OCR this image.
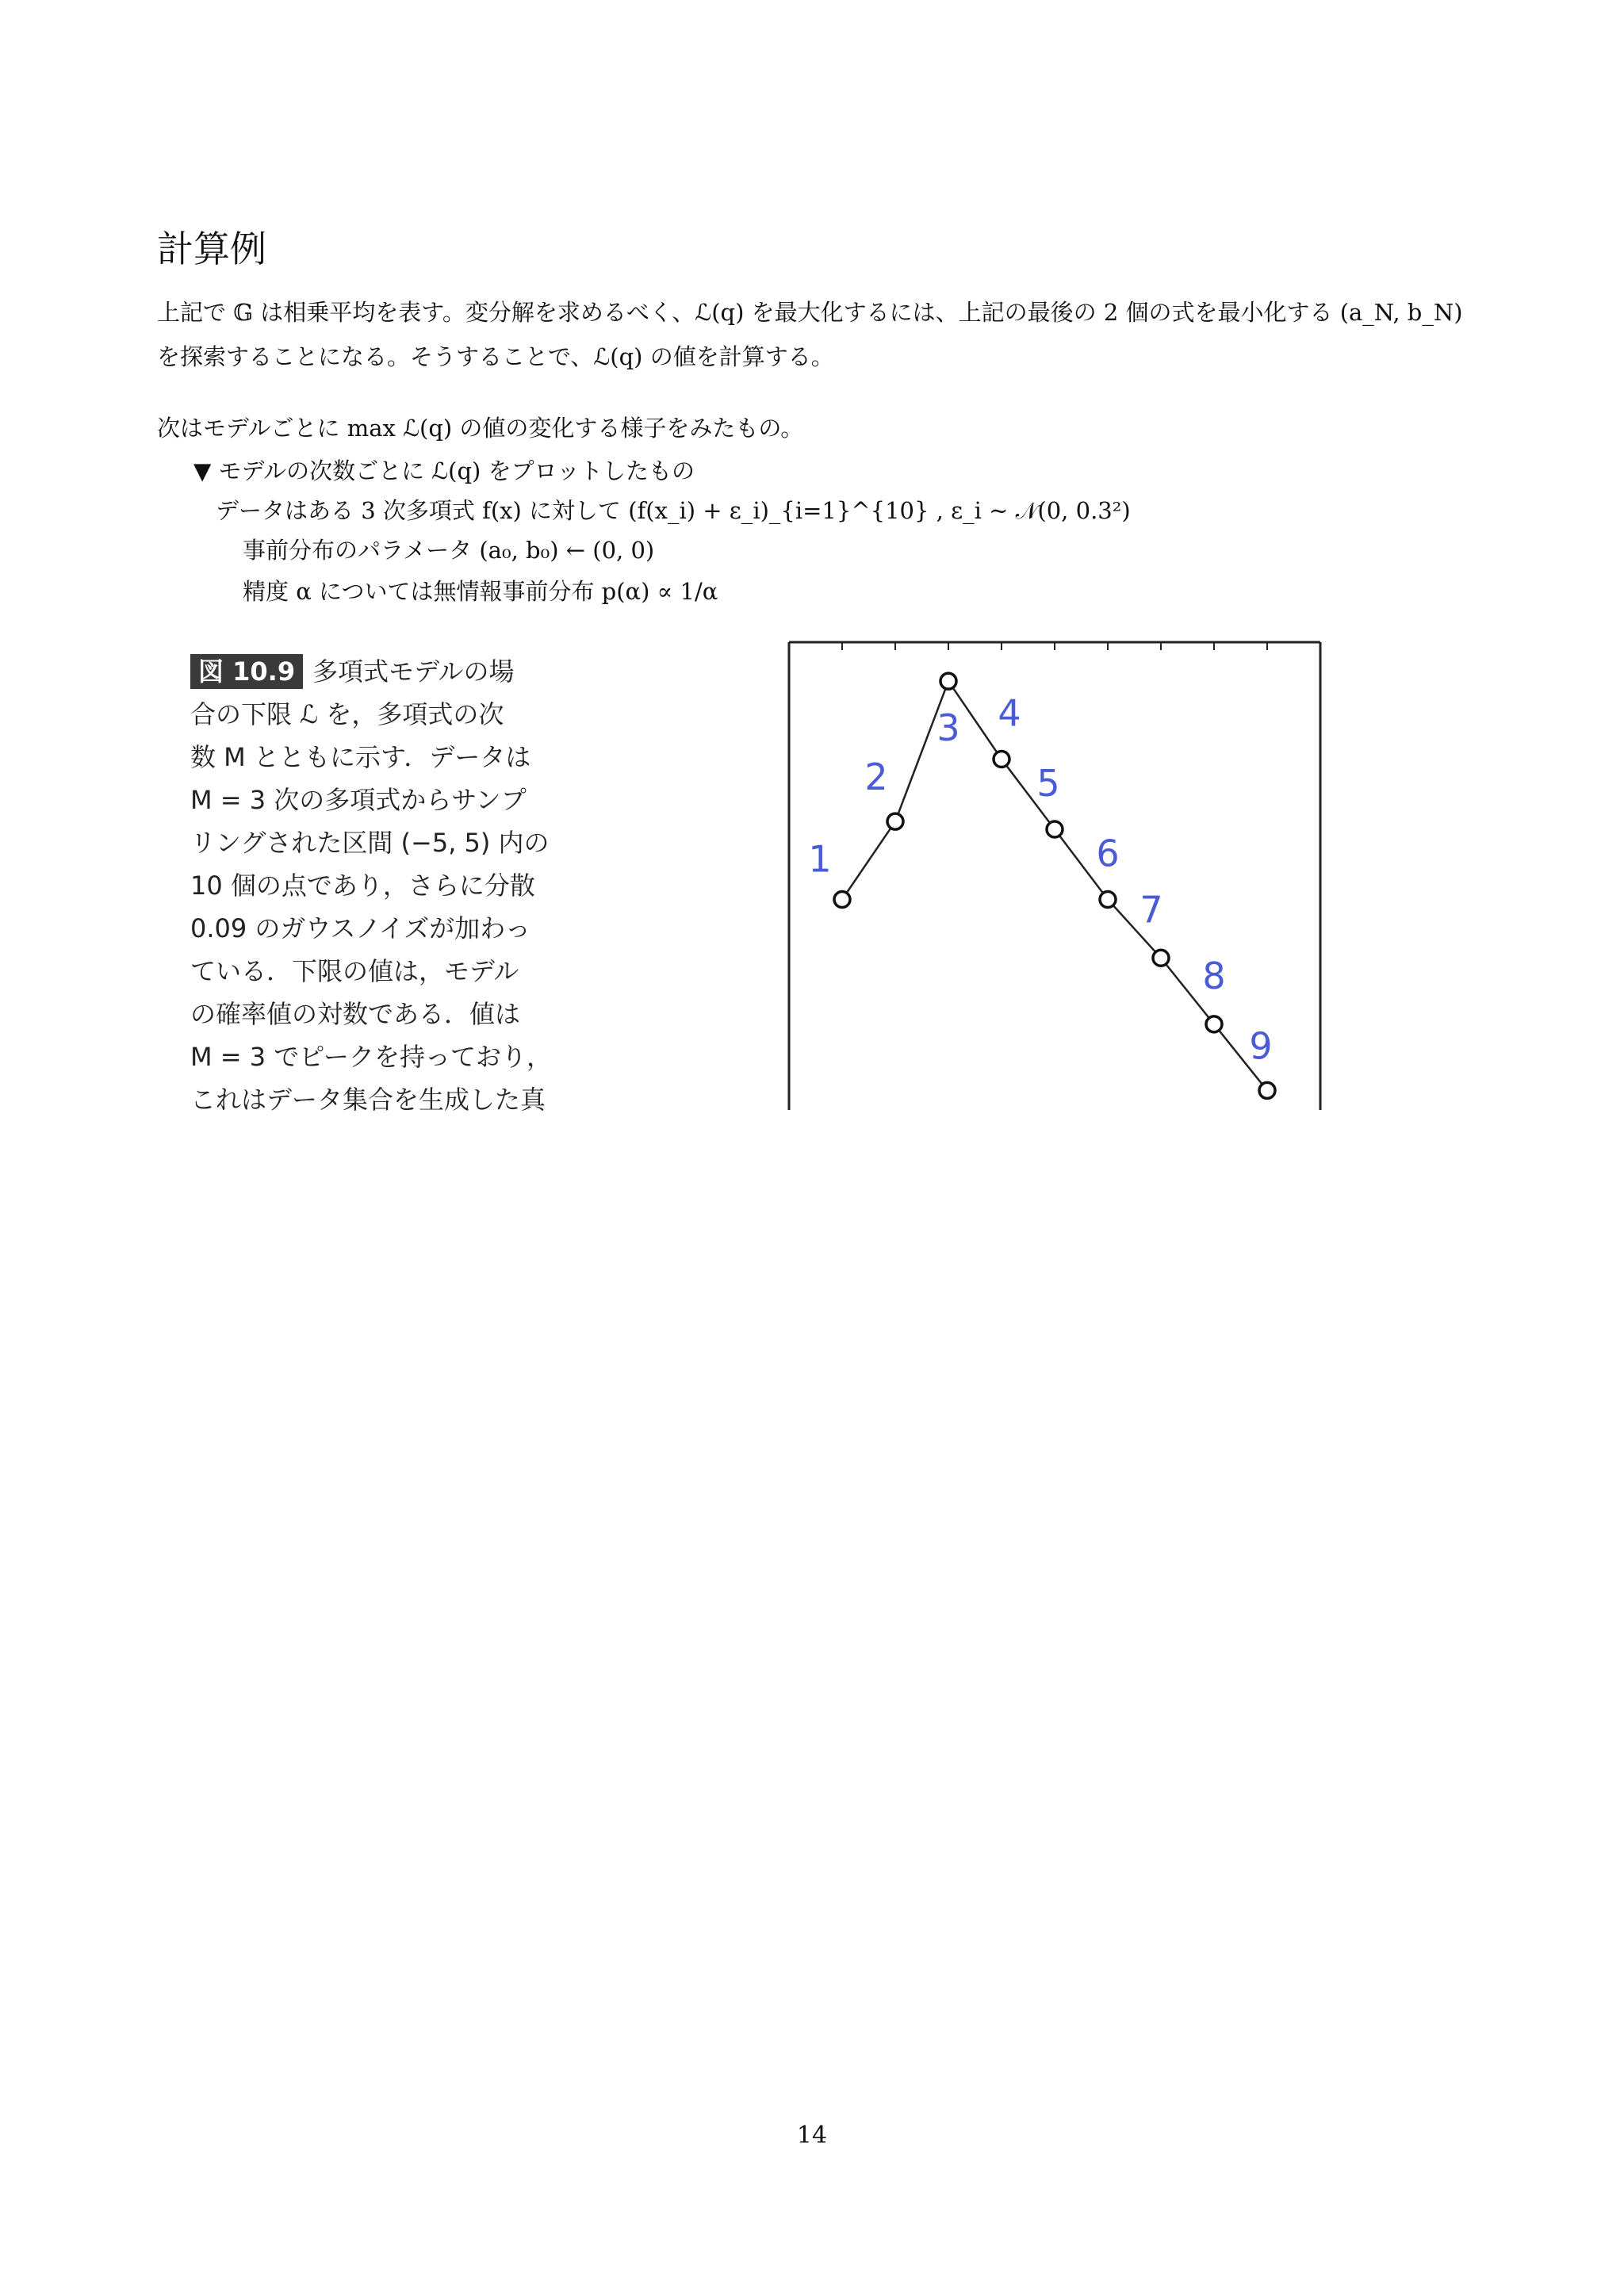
計算例

上記で 𝔾 は相乗平均を表す。変分解を求めるべく、ℒ(q) を最大化するには、上記の最後の 2 個の式を最小化する (a_N, b_N) を探索することになる。そうすることで、ℒ(q) の値を計算する。

次はモデルごとに max ℒ(q) の値の変化する様子をみたもの。

▼ モデルの次数ごとに ℒ(q) をプロットしたもの
データはある 3 次多項式 f(x) に対して (f(x_i) + ε_i)_{i=1}^{10} , ε_i ∼ 𝒩(0, 0.3²)
事前分布のパラメータ (a₀, b₀) ← (0, 0)
精度 α については無情報事前分布 p(α) ∝ 1/α
図 10.9 多項式モデルの場
合の下限 ℒ を，多項式の次
数 M とともに示す．データは
M = 3 次の多項式からサンプ
リングされた区間 (−5, 5) 内の
10 個の点であり，さらに分散
0.09 のガウスノイズが加わっ
ている．下限の値は，モデル
の確率値の対数である．値は
M = 3 でピークを持っており，
これはデータ集合を生成した真
1
2
3 4
5
6
7
8
9
14
